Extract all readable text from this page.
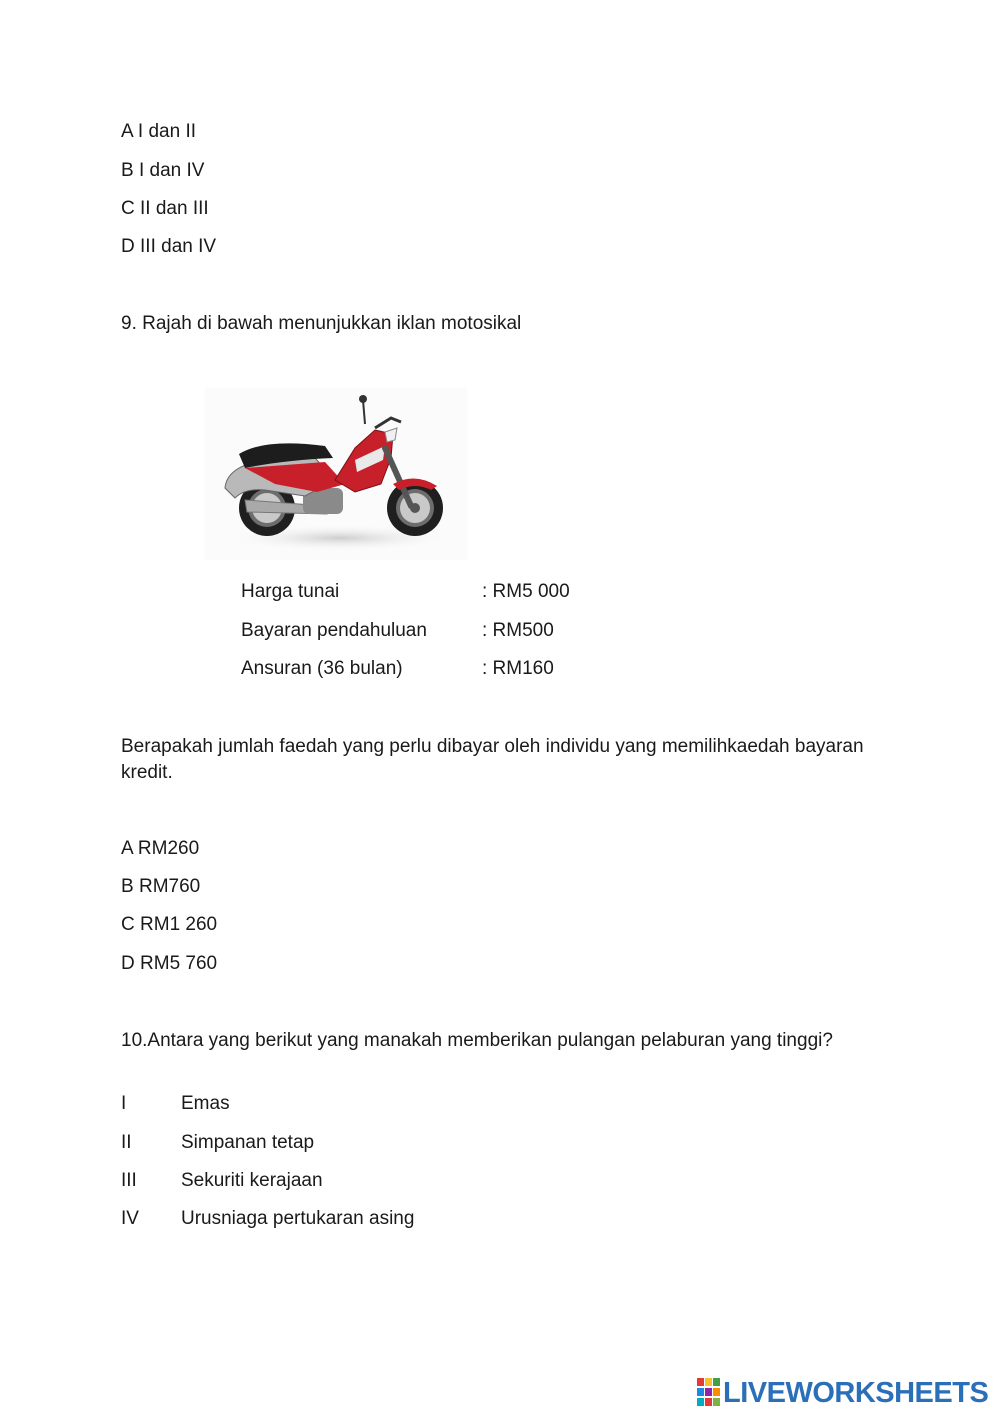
A I dan II
B I dan IV
C II dan III
D III dan IV
9. Rajah di bawah menunjukkan iklan motosikal
Harga tunai	: RM5 000
Bayaran pendahuluan	: RM500
Ansuran (36 bulan)	: RM160
Berapakah jumlah faedah yang perlu dibayar oleh individu yang memilihkaedah bayaran kredit.
A RM260
B RM760
C RM1 260
D RM5 760
10.Antara yang berikut yang manakah memberikan pulangan pelaburan yang tinggi?
I	Emas
II	Simpanan tetap
III Sekuriti kerajaan
IV Urusniaga pertukaran asing
LIVEWORKSHEETS
